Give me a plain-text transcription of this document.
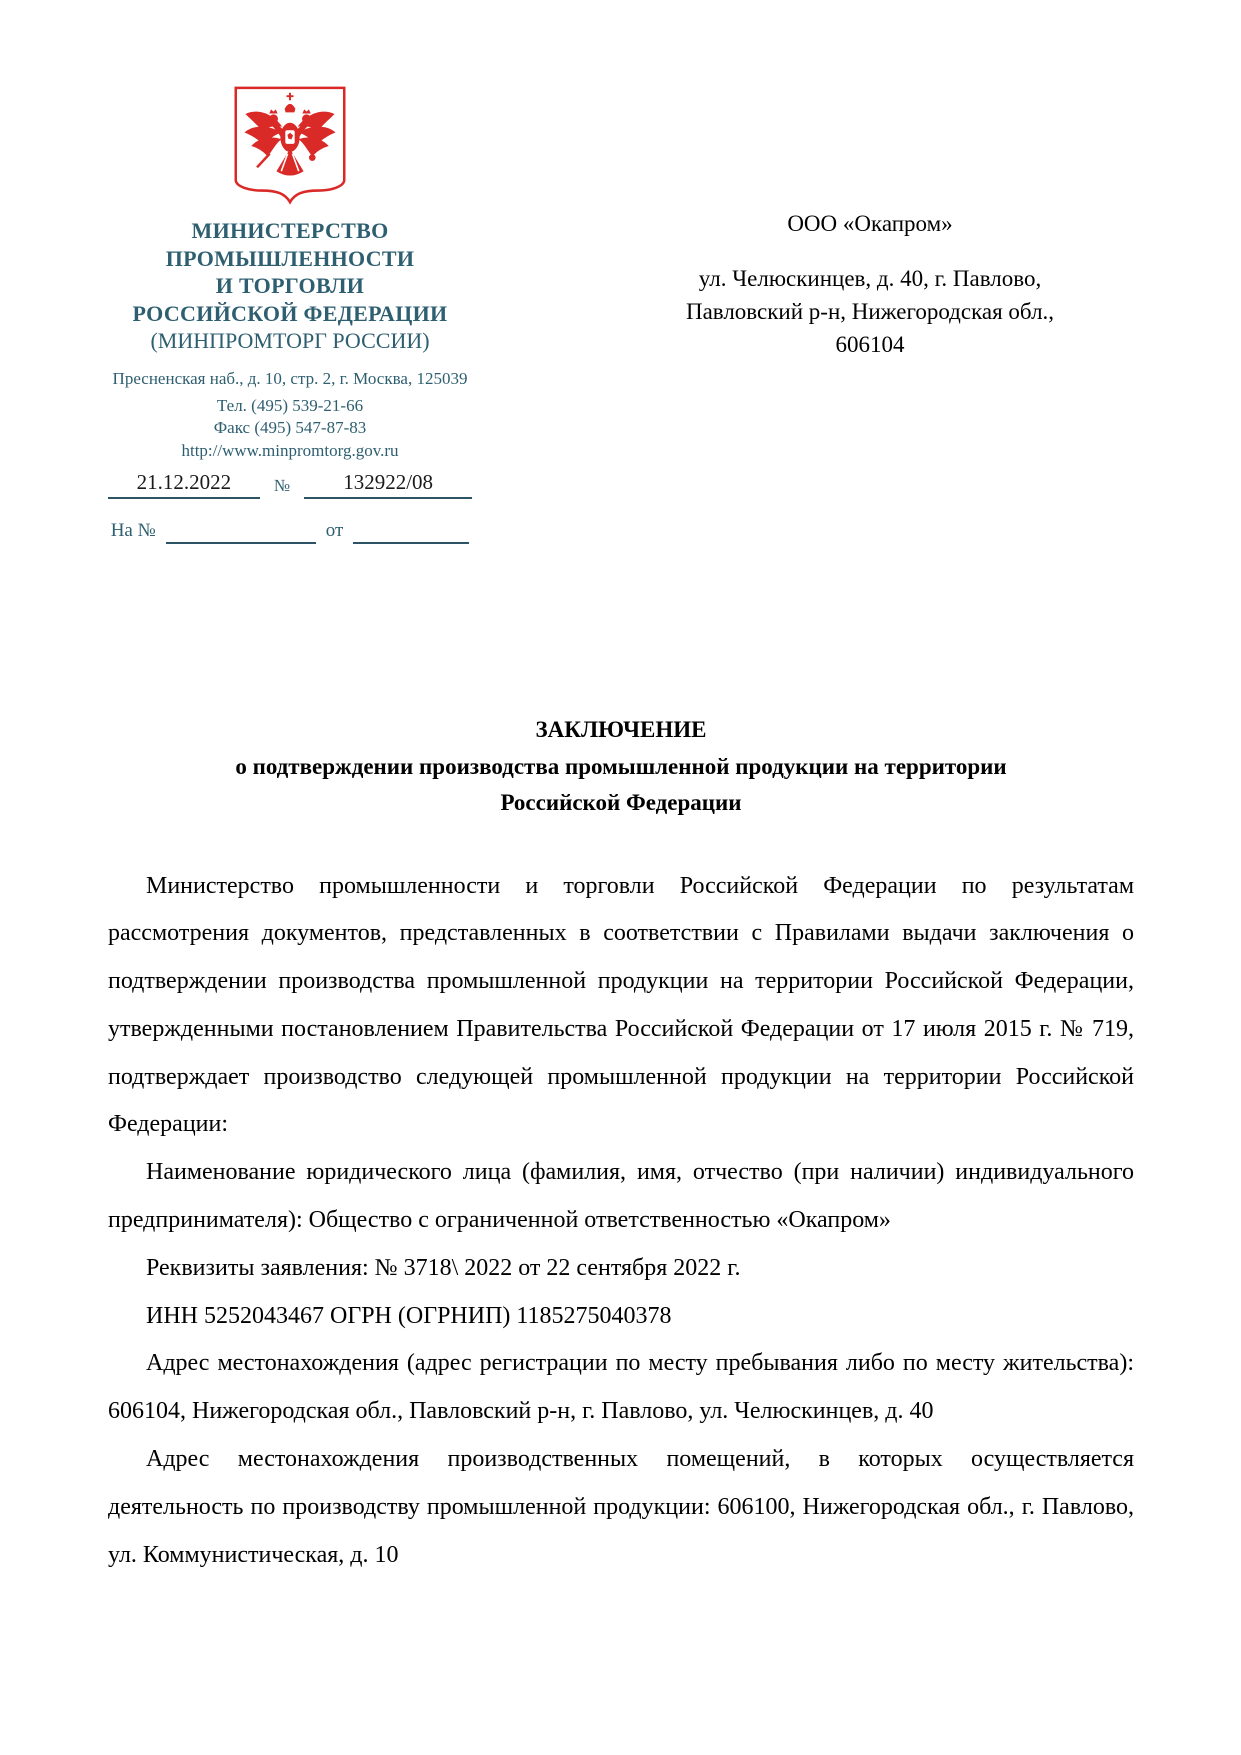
МИНИСТЕРСТВО
ПРОМЫШЛЕННОСТИ
И ТОРГОВЛИ
РОССИЙСКОЙ ФЕДЕРАЦИИ
(МИНПРОМТОРГ РОССИИ)
Пресненская наб., д. 10, стр. 2, г. Москва, 125039
Тел. (495) 539-21-66
Факс (495) 547-87-83
http://www.minpromtorg.gov.ru
21.12.2022	№	132922/08
На №	от
ООО «Окапром»
ул. Челюскинцев, д. 40, г. Павлово,
Павловский р-н, Нижегородская обл.,
606104
ЗАКЛЮЧЕНИЕ
о подтверждении производства промышленной продукции на территории
Российской Федерации

Министерство промышленности и торговли Российской Федерации по результатам рассмотрения документов, представленных в соответствии с Правилами выдачи заключения о подтверждении производства промышленной продукции на территории Российской Федерации, утвержденными постановлением Правительства Российской Федерации от 17 июля 2015 г. № 719, подтверждает производство следующей промышленной продукции на территории Российской Федерации:

Наименование юридического лица (фамилия, имя, отчество (при наличии) индивидуального предпринимателя): Общество с ограниченной ответственностью «Окапром»

Реквизиты заявления: № 3718\ 2022 от 22 сентября 2022 г.

ИНН 5252043467 ОГРН (ОГРНИП) 1185275040378

Адрес местонахождения (адрес регистрации по месту пребывания либо по месту жительства): 606104, Нижегородская обл., Павловский р-н, г. Павлово, ул. Челюскинцев, д. 40

Адрес местонахождения производственных помещений, в которых осуществляется деятельность по производству промышленной продукции: 606100, Нижегородская обл., г. Павлово, ул. Коммунистическая, д. 10
